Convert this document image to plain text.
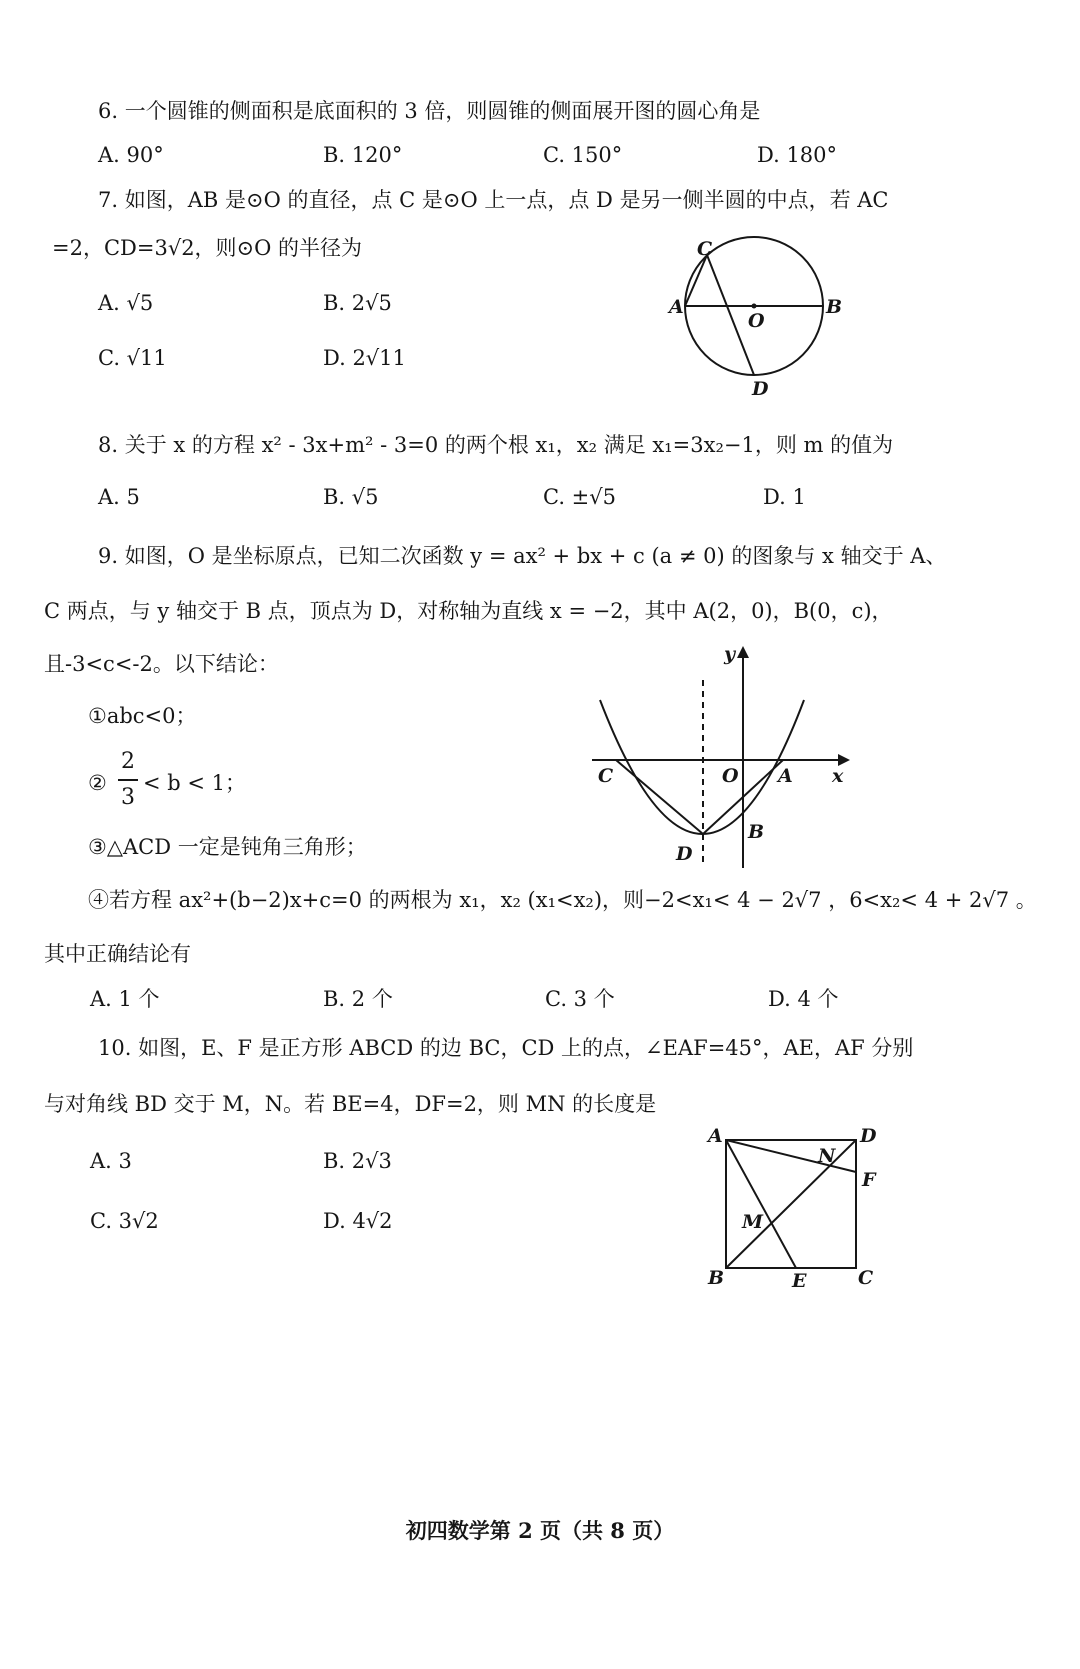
6. 一个圆锥的侧面积是底面积的 3 倍，则圆锥的侧面展开图的圆心角是
A. 90°	B. 120°	C. 150°	D. 180°
7. 如图，AB 是⊙O 的直径，点 C 是⊙O 上一点，点 D 是另一侧半圆的中点，若 AC
=2，CD=3√2，则⊙O 的半径为
A. √5	B. 2√5
C. √11	D. 2√11
C
A
O
B
D
8. 关于 x 的方程 x² - 3x+m² - 3=0 的两个根 x₁，x₂ 满足 x₁=3x₂−1，则 m 的值为
A. 5	B. √5	C. ±√5	D. 1
9. 如图，O 是坐标原点，已知二次函数 y = ax² + bx + c (a ≠ 0) 的图象与 x 轴交于 A、
C 两点，与 y 轴交于 B 点，顶点为 D，对称轴为直线 x = −2，其中 A(2，0)，B(0，c)，
且-3<c<-2。以下结论：
①abc<0；
②
2
3
< b < 1；
③△ACD 一定是钝角三角形；
④若方程 ax²+(b−2)x+c=0 的两根为 x₁，x₂ (x₁<x₂)，则−2<x₁< 4 − 2√7 ，6<x₂< 4 + 2√7 。
其中正确结论有
A. 1 个	B. 2 个	C. 3 个	D. 4 个
y
x
C	O A
B
D
10. 如图，E、F 是正方形 ABCD 的边 BC，CD 上的点，∠EAF=45°，AE，AF 分别
与对角线 BD 交于 M，N。若 BE=4，DF=2，则 MN 的长度是
A. 3	B. 2√3
C. 3√2	D. 4√2
A	D
N
F
M
B	E	C
初四数学第 2 页（共 8 页）
